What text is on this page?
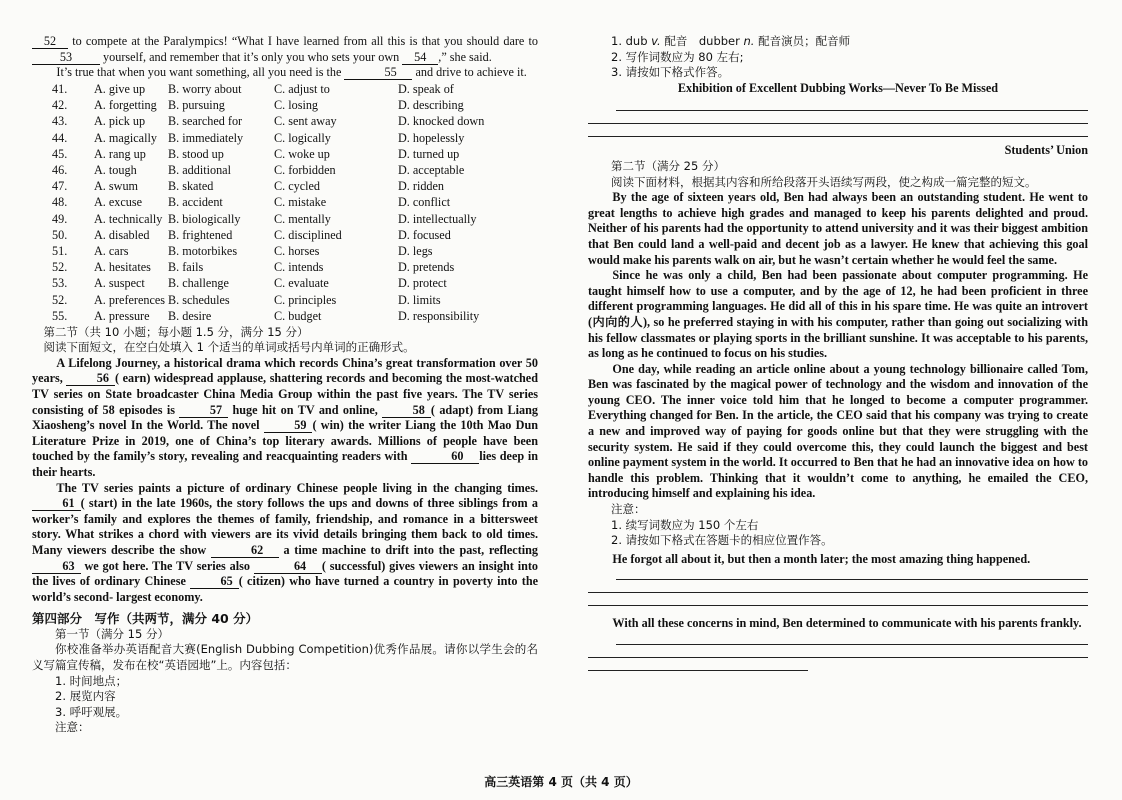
52 to compete at the Paralympics! “What I have learned from all this is that you should dare to 53	yourself, and remember that it’s only you who sets your own 54 ,” she said.

It’s true that when you want something, all you need is the	55 and drive to achieve it.

41.	A. give up	B. worry about	C. adjust to	D. speak of
42.	A. forgetting B. pursuing	C. losing	D. describing
43.	A. pick up	B. searched for	C. sent away	D. knocked down
44.	A. magically B. immediately	C. logically	D. hopelessly
45.	A. rang up	B. stood up	C. woke up	D. turned up
46.	A. tough	B. additional	C. forbidden	D. acceptable
47.	A. swum	B. skated	C. cycled	D. ridden
48.	A. excuse	B. accident	C. mistake	D. conflict
49.	A. technically B. biologically	C. mentally	D. intellectually
50.	A. disabled	B. frightened	C. disciplined	D. focused
51.	A. cars	B. motorbikes	C. horses	D. legs
52.	A. hesitates	B. fails	C. intends	D. pretends
53.	A. suspect	B. challenge	C. evaluate	D. protect
52.	A. preferences B. schedules	C. principles	D. limits
55.	A. pressure	B. desire	C. budget	D. responsibility

第二节（共 10 小题；每小题 1.5 分，满分 15 分）

阅读下面短文，在空白处填入 1 个适当的单词或括号内单词的正确形式。

A Lifelong Journey, a historical drama which records China’s great transformation over 50 years,	56 ( earn) widespread applause, shattering records and becoming the most-watched TV series on State broadcaster China Media Group within the past five years. The TV series consisting of 58 episodes is	57 huge hit on TV and online,	58 ( adapt) from Liang Xiaosheng’s novel In the World. The novel	59 ( win) the writer Liang the 10th Mao Dun Literature Prize in 2019, one of China’s top literary awards. Millions of people have been touched by the family’s story, revealing and reacquainting readers with	60 lies deep in their hearts.

The TV series paints a picture of ordinary Chinese people living in the changing times. 61 ( start) in the late 1960s, the story follows the ups and downs of three siblings from a worker’s family and explores the themes of family, friendship, and romance in a bittersweet story. What strikes a chord with viewers are its vivid details bringing them back to old times. Many viewers describe the show	62 a time machine to drift into the past, reflecting 63 we got here. The TV series also	64 ( successful) gives viewers an insight into the lives of ordinary Chinese	65 ( citizen) who have turned a country in poverty into the world’s second- largest economy.

第四部分　写作（共两节，满分 40 分）

第一节（满分 15 分）

你校准备举办英语配音大赛(English Dubbing Competition)优秀作品展。请你以学生会的名义写篇宣传稿，发布在校“英语园地”上。内容包括：

1. 时间地点；

2. 展览内容

3. 呼吁观展。

注意：

1. dub v. 配音　dubber n. 配音演员；配音师

2. 写作词数应为 80 左右;

3. 请按如下格式作答。

Exhibition of Excellent Dubbing Works—Never To Be Missed

Students’ Union

第二节（满分 25 分）

阅读下面材料，根据其内容和所给段落开头语续写两段，使之构成一篇完整的短文。

By the age of sixteen years old, Ben had always been an outstanding student. He went to great lengths to achieve high grades and managed to keep his parents delighted and proud. Neither of his parents had the opportunity to attend university and it was their biggest ambition that Ben could land a well-paid and decent job as a lawyer. He knew that achieving this goal would make his parents walk on air, but he wasn’t certain whether he would feel the same.

Since he was only a child, Ben had been passionate about computer programming. He taught himself how to use a computer, and by the age of 12, he had been proficient in three different programming languages. He did all of this in his spare time. He was quite an introvert (内向的人), so he preferred staying in with his computer, rather than going out socializing with his fellow classmates or playing sports in the brilliant sunshine. It was acceptable to his parents, as long as he continued to focus on his studies.

One day, while reading an article online about a young technology billionaire called Tom, Ben was fascinated by the magical power of technology and the wisdom and innovation of the young CEO. The inner voice told him that he longed to become a computer programmer. Everything changed for Ben. In the article, the CEO said that his company was trying to create a new and improved way of paying for goods online but that they were struggling with the security system. He said if they could overcome this, they could launch the biggest and best online payment system in the world. It occurred to Ben that he had an innovative idea on how to handle this problem. Thinking that it wouldn’t come to anything, he emailed the CEO, introducing himself and explaining his idea.

注意：

1. 续写词数应为 150 个左右

2. 请按如下格式在答题卡的相应位置作答。

He forgot all about it, but then a month later; the most amazing thing happened.

With all these concerns in mind, Ben determined to communicate with his parents frankly.

高三英语第 4 页（共 4 页）
